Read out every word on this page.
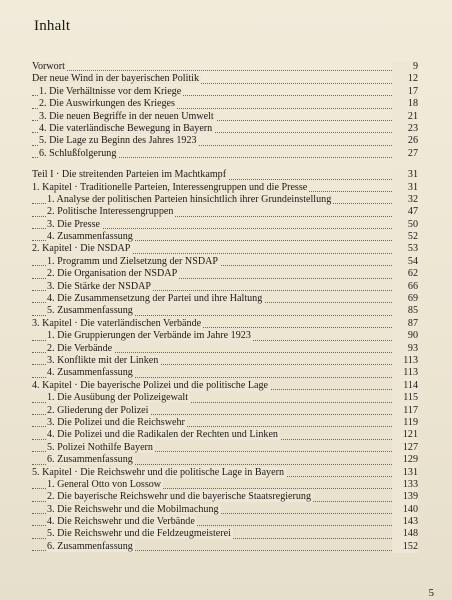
Inhalt
Vorwort	9
Der neue Wind in der bayerischen Politik	12
1. Die Verhältnisse vor dem Kriege	17
2. Die Auswirkungen des Krieges	18
3. Die neuen Begriffe in der neuen Umwelt	21
4. Die vaterländische Bewegung in Bayern	23
5. Die Lage zu Beginn des Jahres 1923	26
6. Schlußfolgerung	27
Teil I · Die streitenden Parteien im Machtkampf	31
1. Kapitel · Traditionelle Parteien, Interessengruppen und die Presse	31
1. Analyse der politischen Parteien hinsichtlich ihrer Grundeinstellung	32
2. Politische Interessengruppen	47
3. Die Presse	50
4. Zusammenfassung	52
2. Kapitel · Die NSDAP	53
1. Programm und Zielsetzung der NSDAP	54
2. Die Organisation der NSDAP	62
3. Die Stärke der NSDAP	66
4. Die Zusammensetzung der Partei und ihre Haltung	69
5. Zusammenfassung	85
3. Kapitel · Die vaterländischen Verbände	87
1. Die Gruppierungen der Verbände im Jahre 1923	90
2. Die Verbände	93
3. Konflikte mit der Linken	113
4. Zusammenfassung	113
4. Kapitel · Die bayerische Polizei und die politische Lage	114
1. Die Ausübung der Polizeigewalt	115
2. Gliederung der Polizei	117
3. Die Polizei und die Reichswehr	119
4. Die Polizei und die Radikalen der Rechten und Linken	121
5. Polizei Nothilfe Bayern	127
6. Zusammenfassung	129
5. Kapitel · Die Reichswehr und die politische Lage in Bayern	131
1. General Otto von Lossow	133
2. Die bayerische Reichswehr und die bayerische Staatsregierung	139
3. Die Reichswehr und die Mobilmachung	140
4. Die Reichswehr und die Verbände	143
5. Die Reichswehr und die Feldzeugmeisterei	148
6. Zusammenfassung	152
5
